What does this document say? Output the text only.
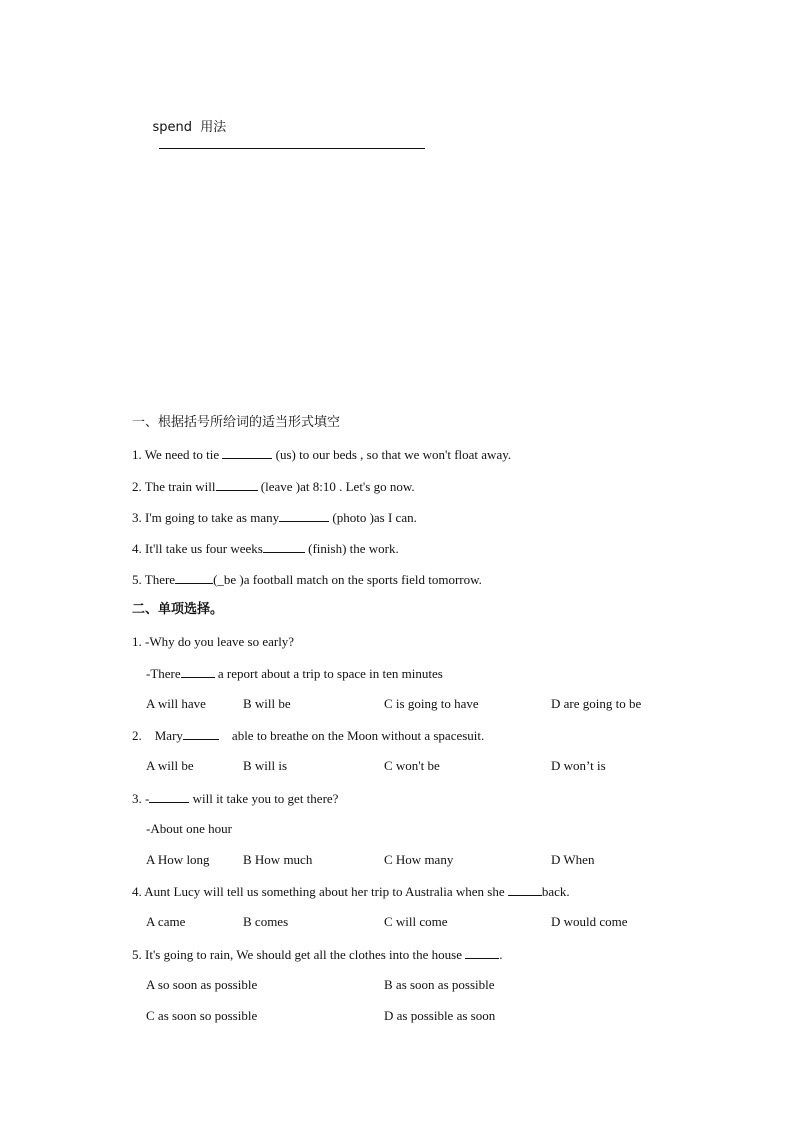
spend  用法

一、根据括号所给词的适当形式填空
1. We need to tie	(us) to our beds , so that we won't float away.
2. The train will	(leave )at 8:10 . Let's go now.
3. I'm going to take as many	(photo )as I can.
4. It'll take us four weeks	(finish) the work.
5. There	(_be )a football match on the sports field tomorrow.
二、单项选择。
1. -Why do you leave so early?
-There	a report about a trip to space in ten minutes
A will have	B will be	C is going to have	D are going to be
2.    Mary	able to breathe on the Moon without a spacesuit.
A will be	B will is	C won't be	D won’t is
3. -	will it take you to get there?
-About one hour
A How long	B How much	C How many	D When
4. Aunt Lucy will tell us something about her trip to Australia when she	back.
A came	B comes	C will come	D would come
5. It's going to rain, We should get all the clothes into the house	.
A so soon as possible	B as soon as possible
C as soon so possible	D as possible as soon
